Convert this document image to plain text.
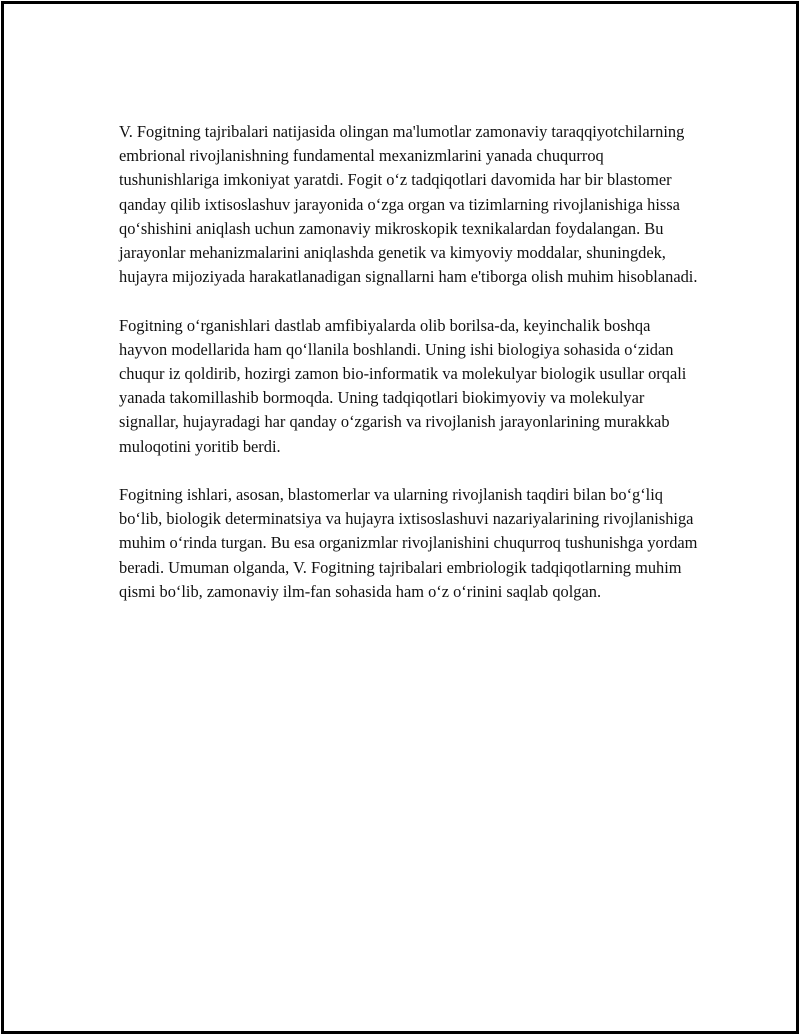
V. Fogitning tajribalari natijasida olingan ma'lumotlar zamonaviy taraqqiyotchilarning embrional rivojlanishning fundamental mexanizmlarini yanada chuqurroq tushunishlariga imkoniyat yaratdi. Fogit o‘z tadqiqotlari davomida har bir blastomer qanday qilib ixtisoslashuv jarayonida o‘zga organ va tizimlarning rivojlanishiga hissa qo‘shishini aniqlash uchun zamonaviy mikroskopik texnikalardan foydalangan. Bu jarayonlar mehanizmalarini aniqlashda genetik va kimyoviy moddalar, shuningdek, hujayra mijoziyada harakatlanadigan signallarni ham e'tiborga olish muhim hisoblanadi.

Fogitning o‘rganishlari dastlab amfibiyalarda olib borilsa-da, keyinchalik boshqa hayvon modellarida ham qo‘llanila boshlandi. Uning ishi biologiya sohasida o‘zidan chuqur iz qoldirib, hozirgi zamon bio-informatik va molekulyar biologik usullar orqali yanada takomillashib bormoqda. Uning tadqiqotlari biokimyoviy va molekulyar signallar, hujayradagi har qanday o‘zgarish va rivojlanish jarayonlarining murakkab muloqotini yoritib berdi.

Fogitning ishlari, asosan, blastomerlar va ularning rivojlanish taqdiri bilan bo‘g‘liq bo‘lib, biologik determinatsiya va hujayra ixtisoslashuvi nazariyalarining rivojlanishiga muhim o‘rinda turgan. Bu esa organizmlar rivojlanishini chuqurroq tushunishga yordam beradi. Umuman olganda, V. Fogitning tajribalari embriologik tadqiqotlarning muhim qismi bo‘lib, zamonaviy ilm-fan sohasida ham o‘z o‘rinini saqlab qolgan.
